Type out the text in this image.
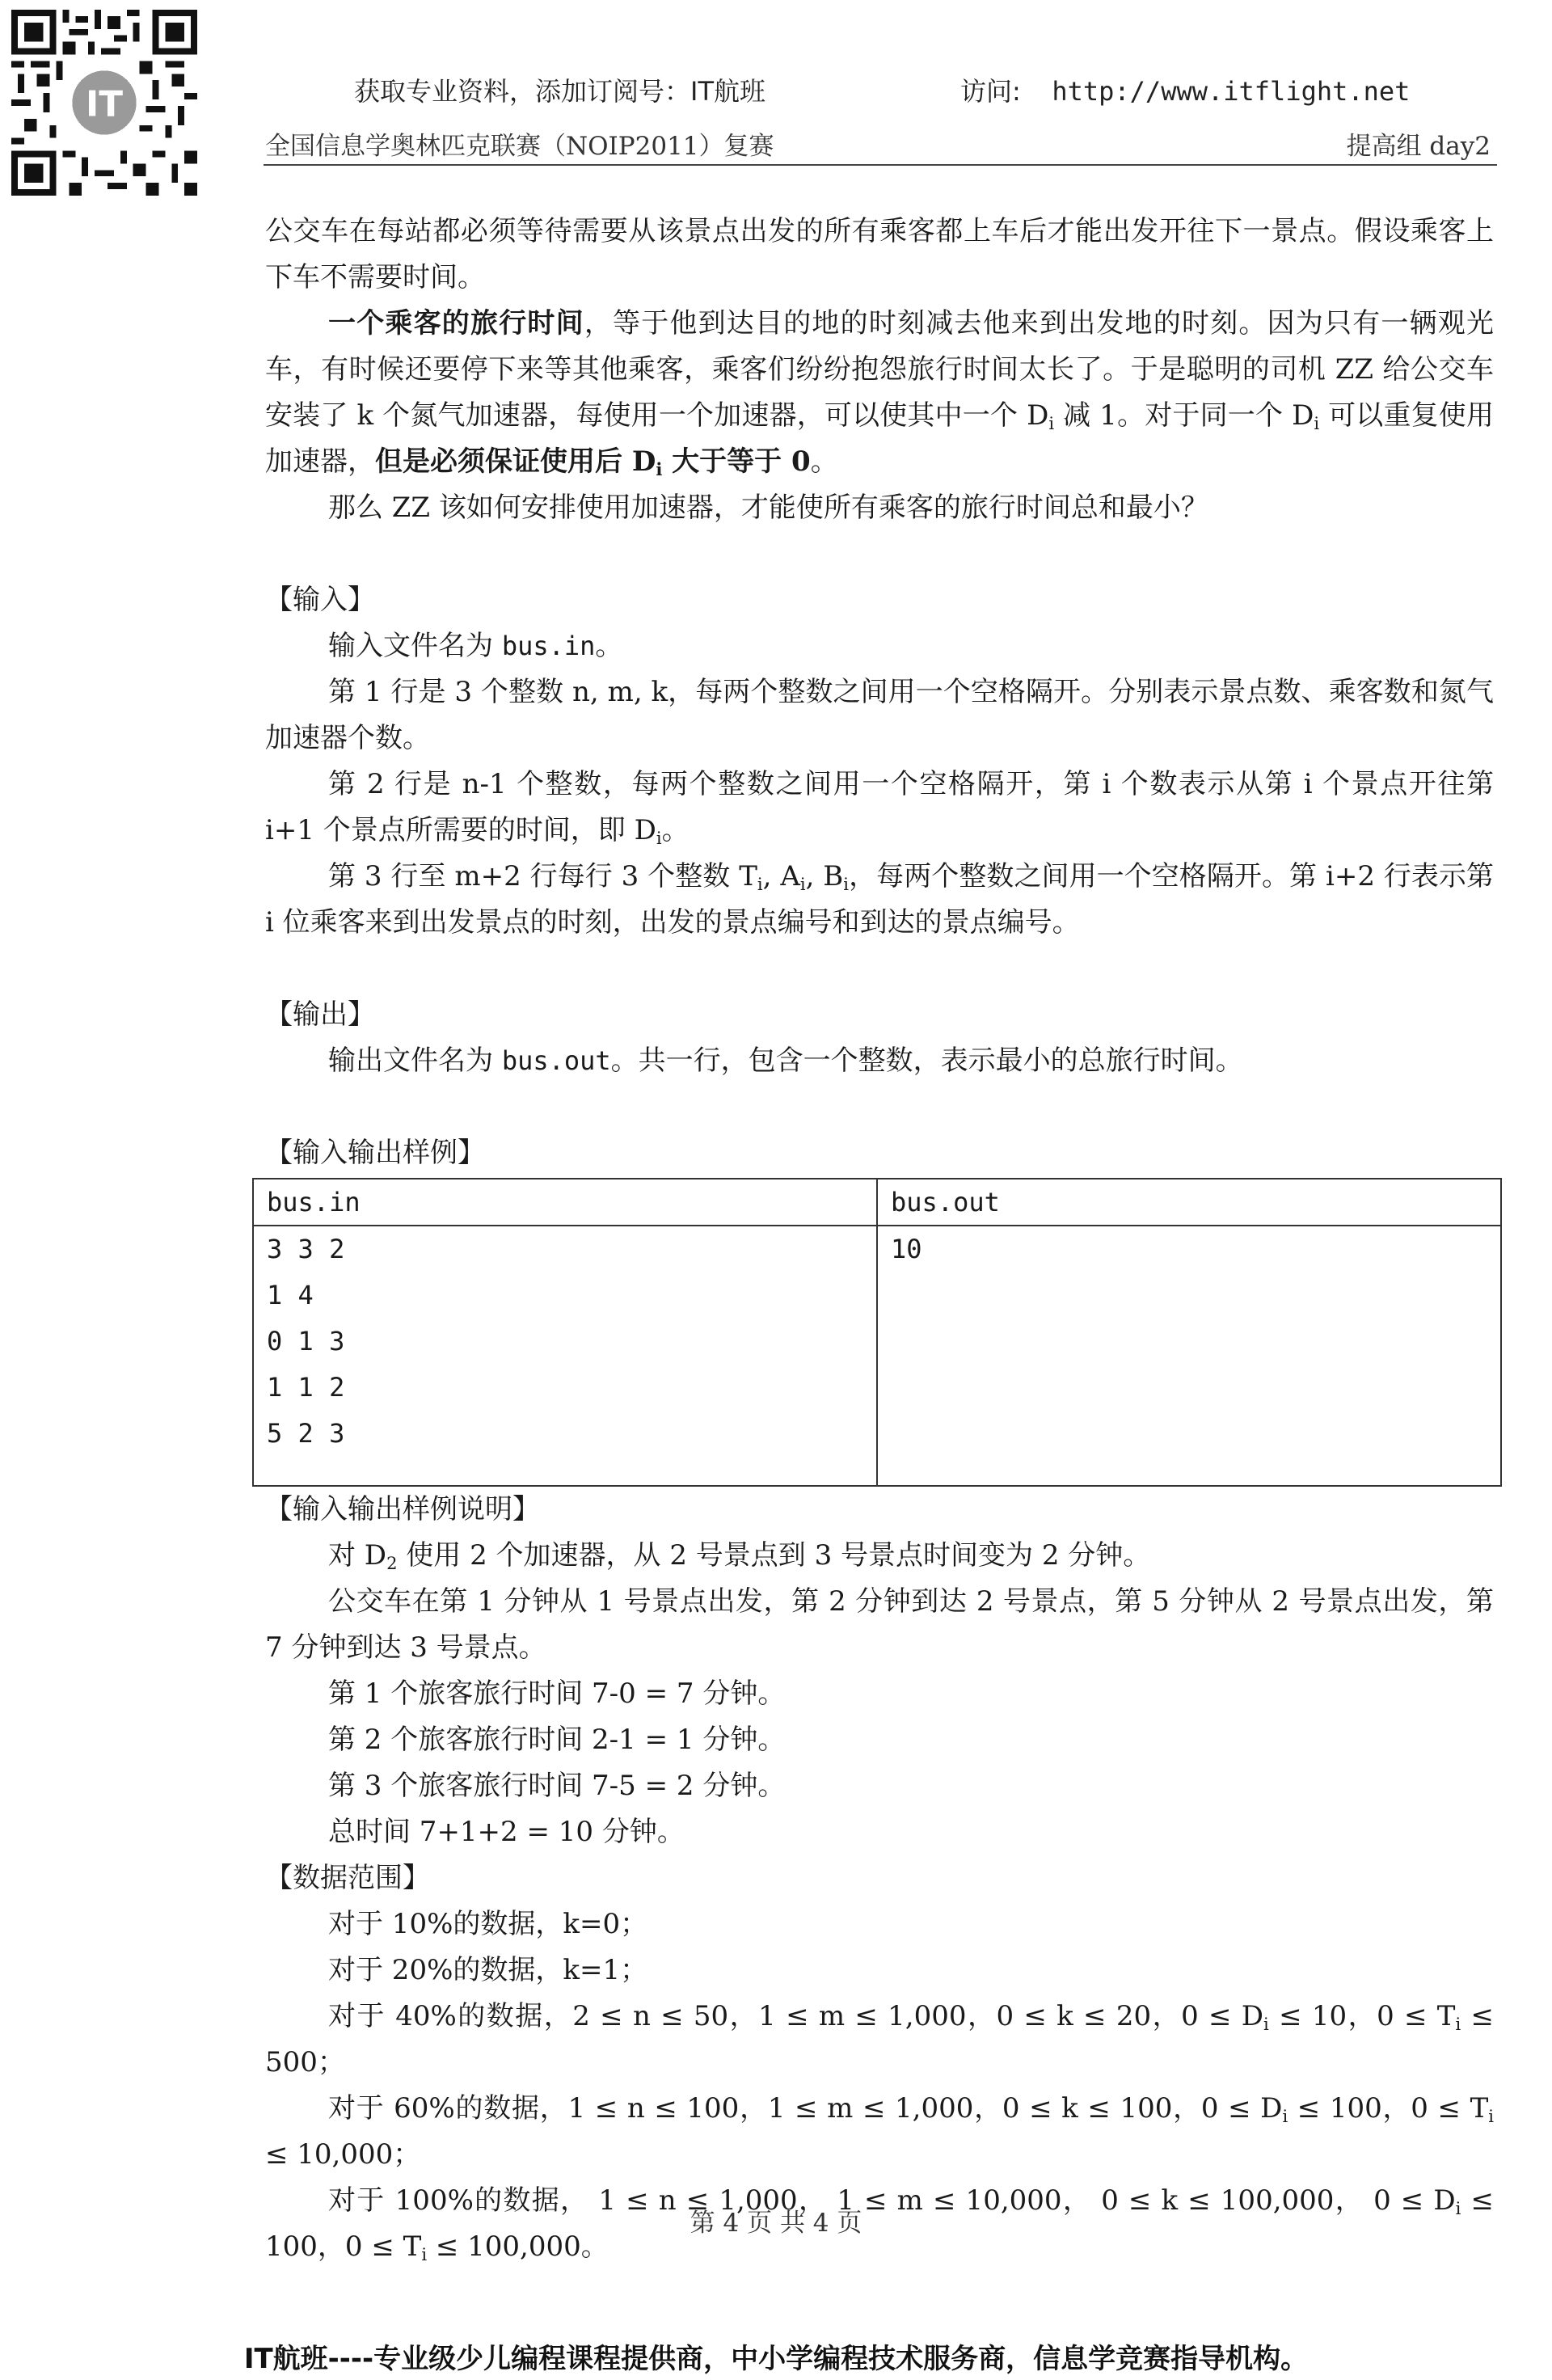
IT	获取专业资料，添加订阅号：IT航班	访问: http://www.itflight.net
全国信息学奥林匹克联赛（NOIP2011）复赛	提高组 day2

公交车在每站都必须等待需要从该景点出发的所有乘客都上车后才能出发开往下一景点。假设乘客上下车不需要时间。

一个乘客的旅行时间，等于他到达目的地的时刻减去他来到出发地的时刻。因为只有一辆观光车，有时候还要停下来等其他乘客，乘客们纷纷抱怨旅行时间太长了。于是聪明的司机 ZZ 给公交车安装了 k 个氮气加速器，每使用一个加速器，可以使其中一个 $D_i$ 减 1。对于同一个 $D_i$ 可以重复使用加速器，但是必须保证使用后 $D_i$ 大于等于 0。

那么 ZZ 该如何安排使用加速器，才能使所有乘客的旅行时间总和最小？

【输入】

输入文件名为 bus.in。

第 1 行是 3 个整数 n, m, k，每两个整数之间用一个空格隔开。分别表示景点数、乘客数和氮气加速器个数。

第 2 行是 n-1 个整数，每两个整数之间用一个空格隔开，第 i 个数表示从第 i 个景点开往第 i+1 个景点所需要的时间，即 $D_i$。

第 3 行至 m+2 行每行 3 个整数 $T_i$, $A_i$, $B_i$，每两个整数之间用一个空格隔开。第 i+2 行表示第 i 位乘客来到出发景点的时刻，出发的景点编号和到达的景点编号。

【输出】

输出文件名为 bus.out。共一行，包含一个整数，表示最小的总旅行时间。

【输入输出样例】

bus.in	bus.out

3 3 2
1 4
0 1 3
1 1 2
5 2 3	10

【输入输出样例说明】

对 $D_2$ 使用 2 个加速器，从 2 号景点到 3 号景点时间变为 2 分钟。

公交车在第 1 分钟从 1 号景点出发，第 2 分钟到达 2 号景点，第 5 分钟从 2 号景点出发，第 7 分钟到达 3 号景点。

第 1 个旅客旅行时间 7-0 = 7 分钟。

第 2 个旅客旅行时间 2-1 = 1 分钟。

第 3 个旅客旅行时间 7-5 = 2 分钟。

总时间 7+1+2 = 10 分钟。

【数据范围】

对于 10%的数据，k=0；

对于 20%的数据，k=1；

对于 40%的数据，2 ≤ n ≤ 50，1 ≤ m ≤ 1,000，0 ≤ k ≤ 20，$0 \le D_i \le 10$，$0 \le T_i \le 500$；

对于 60%的数据，1 ≤ n ≤ 100，1 ≤ m ≤ 1,000，0 ≤ k ≤ 100，$0 \le D_i \le 100$，$0 \le T_i \le 10,000$；

对于 100%的数据， 1 ≤ n ≤ 1,000， 1 ≤ m ≤ 10,000， 0 ≤ k ≤ 100,000， $0 \le D_i \le 100$，$0 \le T_i \le 100,000$。

第 4 页 共 4 页
IT航班----专业级少儿编程课程提供商，中小学编程技术服务商，信息学竞赛指导机构。
